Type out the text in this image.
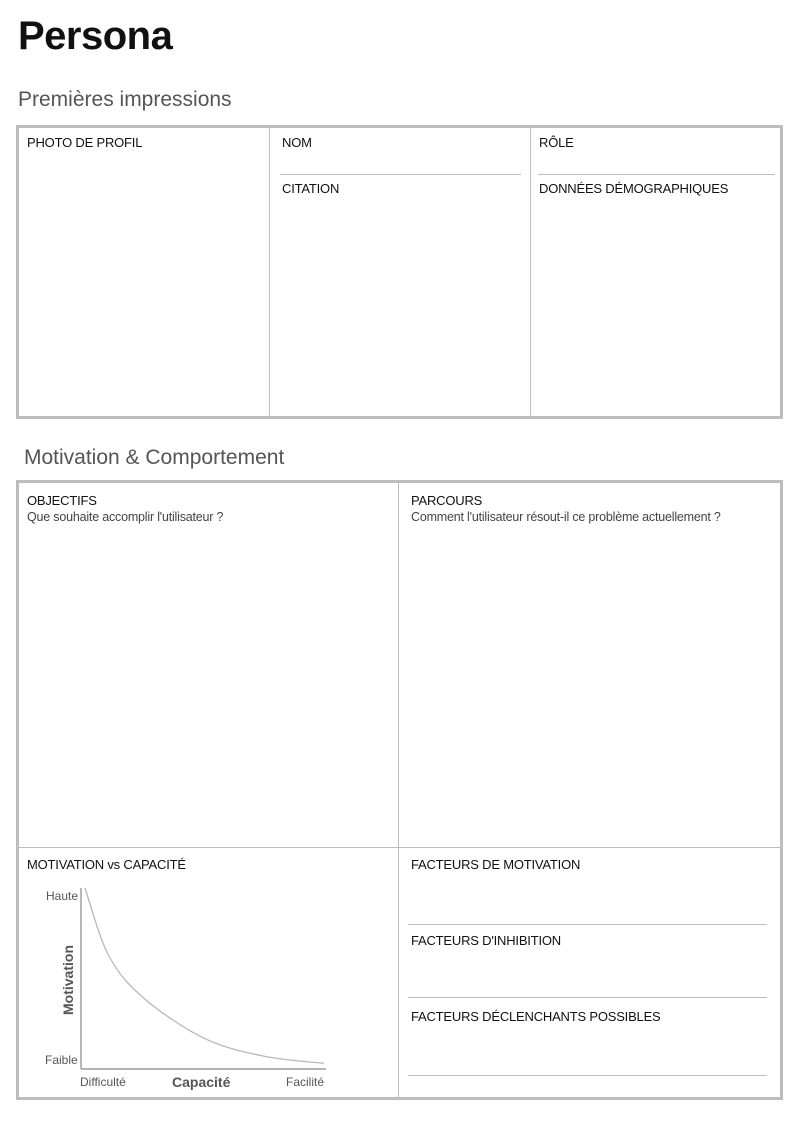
Persona
Premières impressions
PHOTO DE PROFIL	NOM
CITATION
RÔLE
DONNÉES DÉMOGRAPHIQUES
Motivation & Comportement
OBJECTIFS
Que souhaite accomplir l'utilisateur ?
PARCOURS
Comment l'utilisateur résout-il ce problème actuellement ?
MOTIVATION vs CAPACITÉ
Haute
Faible
Difficulté	Facilité
Capacité
Motivation
FACTEURS DE MOTIVATION
FACTEURS D'INHIBITION
FACTEURS DÉCLENCHANTS POSSIBLES
